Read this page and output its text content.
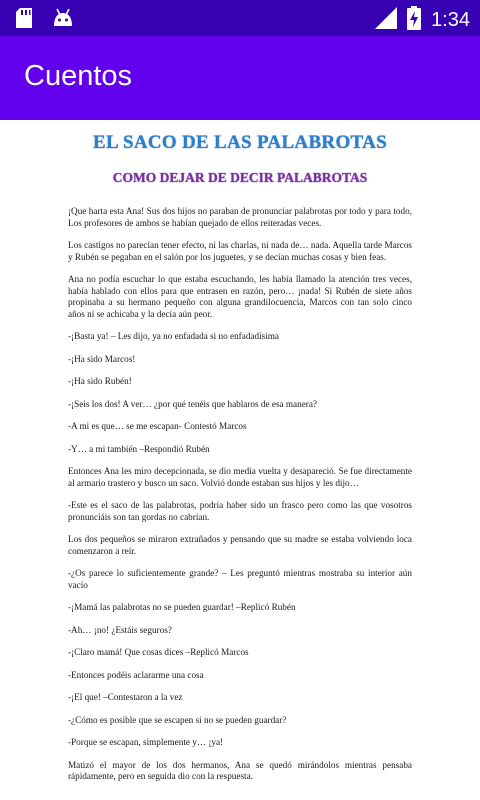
1:34
Cuentos
EL SACO DE LAS PALABROTAS
COMO DEJAR DE DECIR PALABROTAS

¡Que harta esta Ana! Sus dos hijos no paraban de pronunciar palabrotas por todo y para todo, Los profesores de ambos se habían quejado de ellos reiteradas veces.

Los castigos no parecían tener efecto, ni las charlas, ni nada de… nada. Aquella tarde Marcos y Rubén se pegaban en el salón por los juguetes, y se decían muchas cosas y bien feas.

Ana no podía escuchar lo que estaba escuchando, les había llamado la atención tres veces, había hablado con ellos para que entrasen en razón, pero… ¡nada! Si Rubén de siete años propinaba a su hermano pequeño con alguna grandilocuencia, Marcos con tan solo cinco años ni se achicaba y la decía aún peor.

-¡Basta ya! – Les dijo, ya no enfadada si no enfadadísima

-¡Ha sido Marcos!

-¡Ha sido Rubén!

-¡Seis los dos! A ver… ¿por qué tenéis que hablaros de esa manera?

-A mi es que… se me escapan- Contestó Marcos

-Y… a mi también –Respondió Rubén

Entonces Ana les miro decepcionada, se dio media vuelta y desapareció. Se fue directamente al armario trastero y busco un saco. Volvió donde estaban sus hijos y les dijo…

-Este es el saco de las palabrotas, podría haber sido un frasco pero como las que vosotros pronunciáis son tan gordas no cabrían.

Los dos pequeños se miraron extrañados y pensando que su madre se estaba volviendo loca comenzaron a reír.

-¿Os parece lo suficientemente grande? – Les preguntó mientras mostraba su interior aún vacío

-¡Mamá las palabrotas no se pueden guardar! –Replicó Rubén

-Ah… ¡no! ¿Estáis seguros?

-¡Claro mamá! Que cosas dices –Replicó Marcos

-Entonces podéis aclararme una cosa

-¡El que! –Contestaron a la vez

-¿Cómo es posible que se escapen si no se pueden guardar?

-Porque se escapan, simplemente y… ¡ya!

Matizó el mayor de los dos hermanos, Ana se quedó mirándolos mientras pensaba rápidamente, pero en seguida dio con la respuesta.
